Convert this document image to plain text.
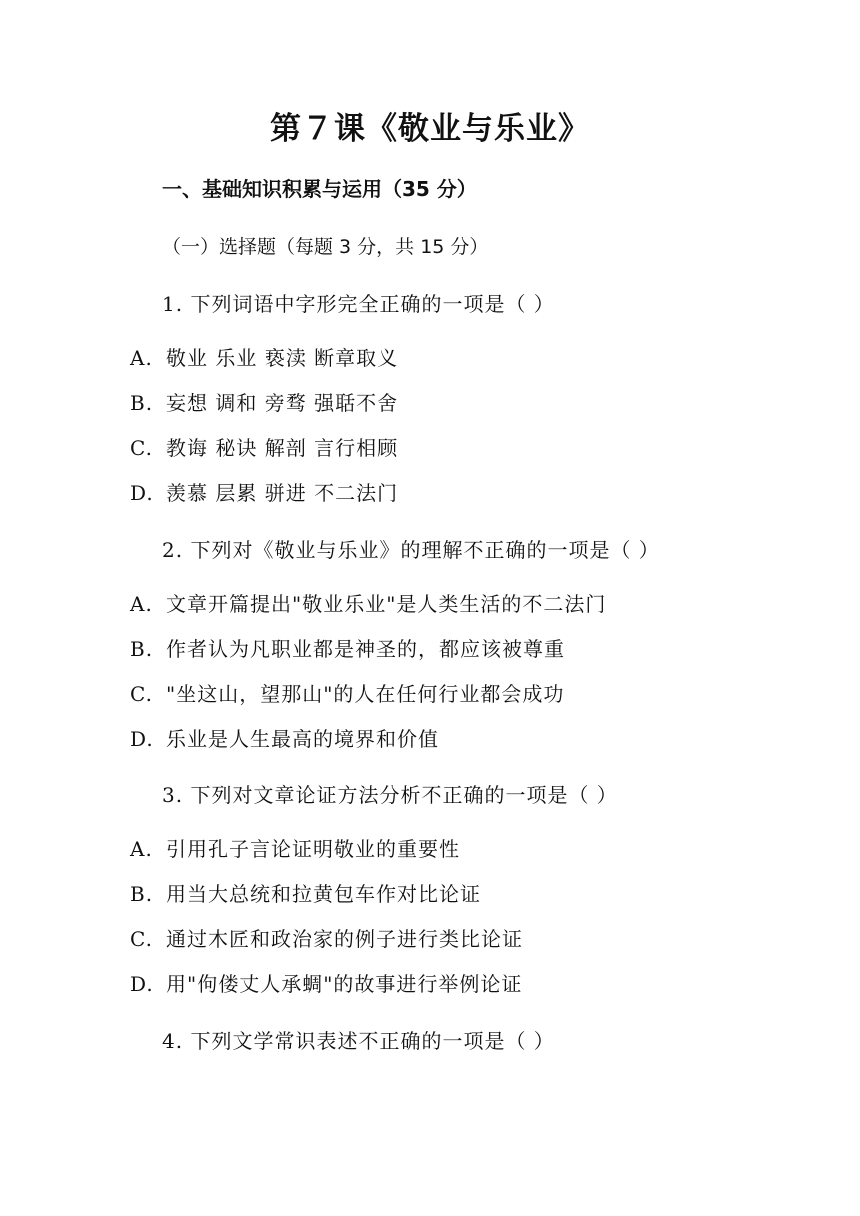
第７课《敬业与乐业》
一、基础知识积累与运用（35 分）
（一）选择题（每题 3 分，共 15 分）
1. 下列词语中字形完全正确的一项是（ ）
A. 敬业 乐业 亵渎 断章取义
B. 妄想 调和 旁骛 强聒不舍
C. 教诲 秘诀 解剖 言行相顾
D. 羡慕 层累 骈进 不二法门
2. 下列对《敬业与乐业》的理解不正确的一项是（ ）
A. 文章开篇提出"敬业乐业"是人类生活的不二法门
B. 作者认为凡职业都是神圣的，都应该被尊重
C. "坐这山，望那山"的人在任何行业都会成功
D. 乐业是人生最高的境界和价值
3. 下列对文章论证方法分析不正确的一项是（ ）
A. 引用孔子言论证明敬业的重要性
B. 用当大总统和拉黄包车作对比论证
C. 通过木匠和政治家的例子进行类比论证
D. 用"佝偻丈人承蜩"的故事进行举例论证
4. 下列文学常识表述不正确的一项是（ ）
